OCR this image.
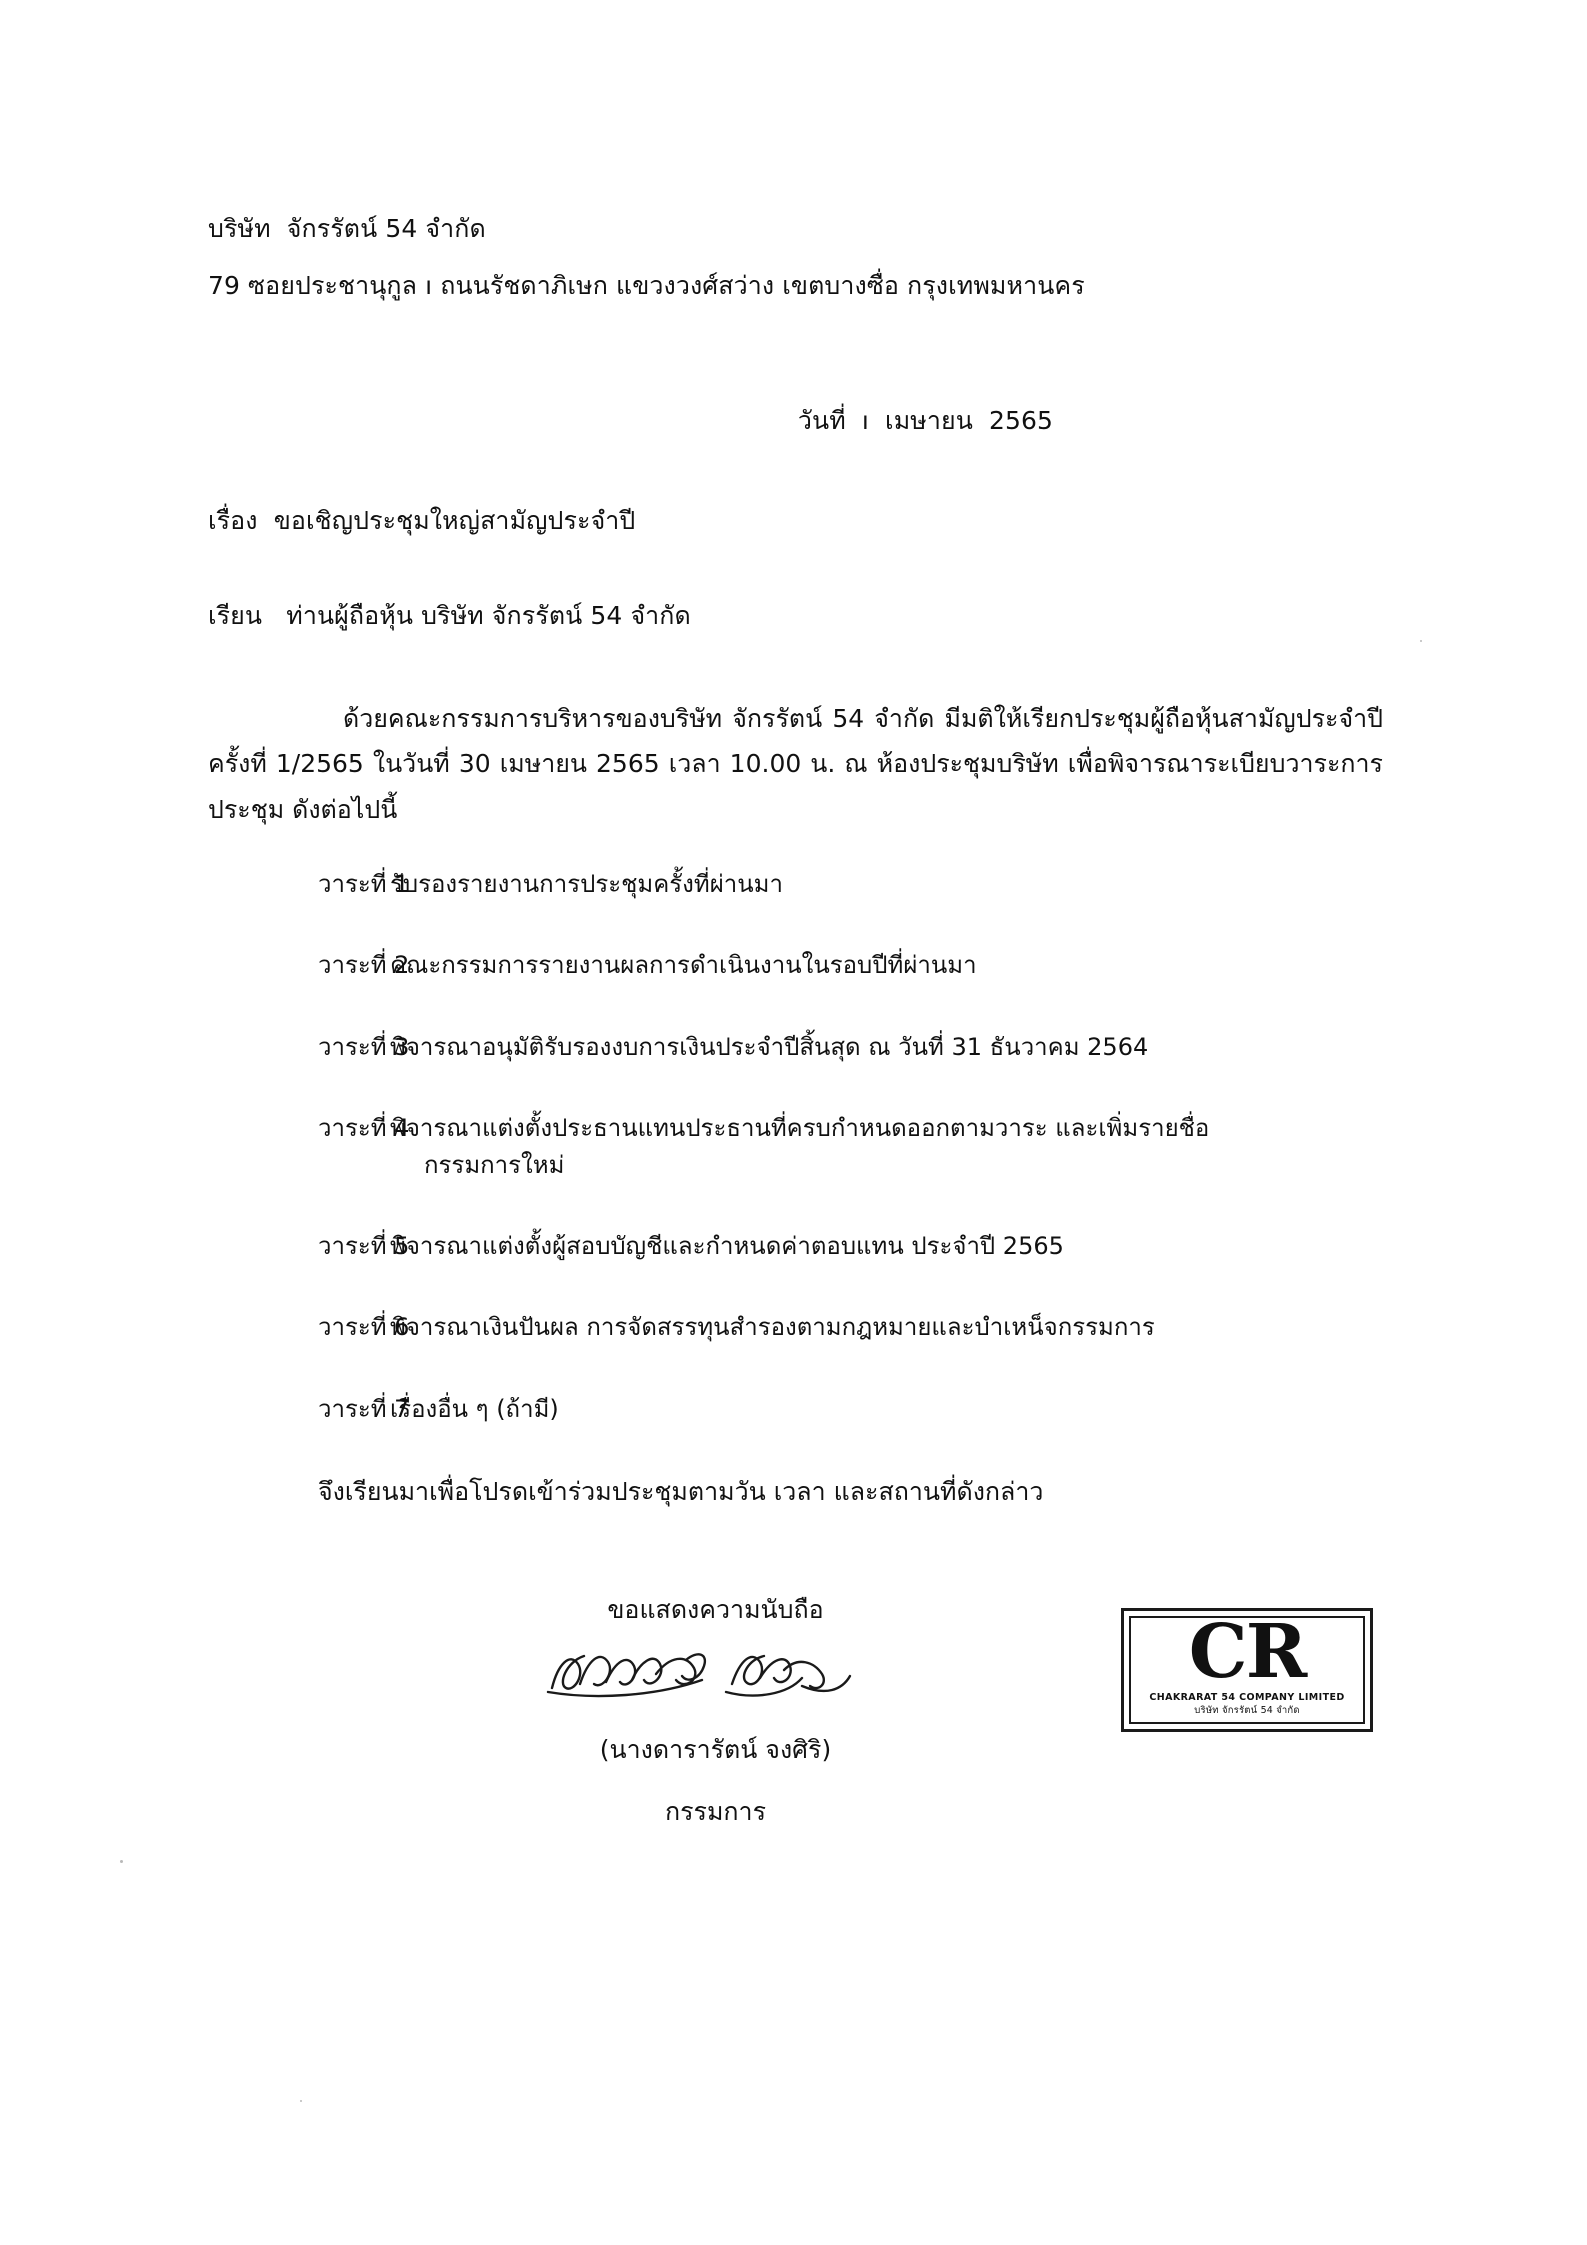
บริษัท  จักรรัตน์ 54 จำกัด
79 ซอยประชานุกูล ı ถนนรัชดาภิเษก แขวงวงศ์สว่าง เขตบางซื่อ กรุงเทพมหานคร
วันที่  ı  เมษายน  2565
เรื่อง  ขอเชิญประชุมใหญ่สามัญประจำปี
เรียน   ท่านผู้ถือหุ้น บริษัท จักรรัตน์ 54 จำกัด
ด้วยคณะกรรมการบริหารของบริษัท จักรรัตน์ 54 จำกัด มีมติให้เรียกประชุมผู้ถือหุ้นสามัญประจำปี ครั้งที่ 1/2565 ในวันที่ 30 เมษายน 2565 เวลา 10.00 น. ณ ห้องประชุมบริษัท เพื่อพิจารณาระเบียบวาระการประชุม ดังต่อไปนี้
วาระที่ 1
รับรองรายงานการประชุมครั้งที่ผ่านมา
วาระที่ 2
คณะกรรมการรายงานผลการดำเนินงานในรอบปีที่ผ่านมา
วาระที่ 3
พิจารณาอนุมัติรับรองงบการเงินประจำปีสิ้นสุด ณ วันที่ 31 ธันวาคม 2564
วาระที่ 4
พิจารณาแต่งตั้งประธานแทนประธานที่ครบกำหนดออกตามวาระ และเพิ่มรายชื่อ
กรรมการใหม่
วาระที่ 5
พิจารณาแต่งตั้งผู้สอบบัญชีและกำหนดค่าตอบแทน ประจำปี 2565
วาระที่ 6
พิจารณาเงินปันผล การจัดสรรทุนสำรองตามกฎหมายและบำเหน็จกรรมการ
วาระที่ 7
เรื่องอื่น ๆ (ถ้ามี)
จึงเรียนมาเพื่อโปรดเข้าร่วมประชุมตามวัน เวลา และสถานที่ดังกล่าว
ขอแสดงความนับถือ
(นางดารารัตน์ จงศิริ)
กรรมการ
CR
CHAKRARAT 54 COMPANY LIMITED
บริษัท จักรรัตน์ 54 จำกัด
